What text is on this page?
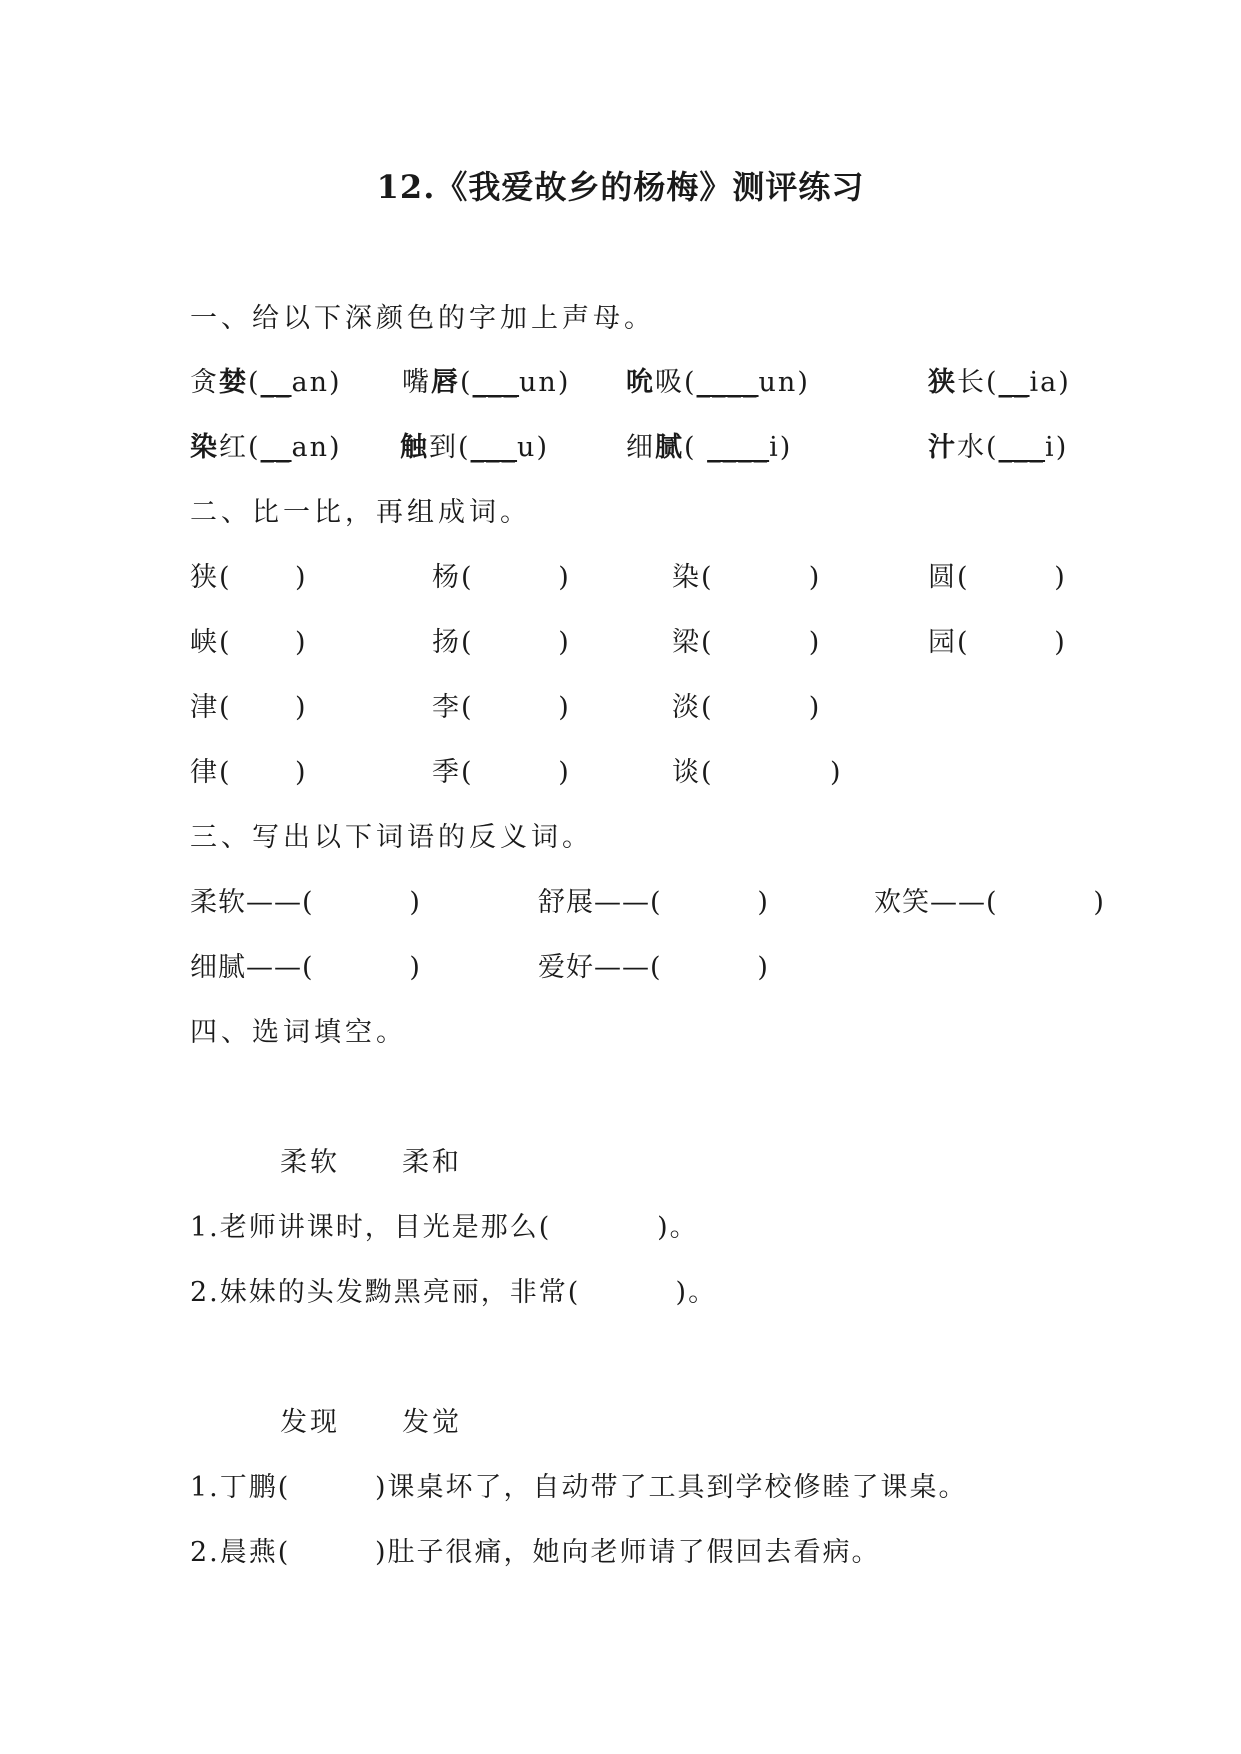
12.《我爱故乡的杨梅》测评练习
一、给以下深颜色的字加上声母。
贪婪(__an) 嘴唇(___un) 吮吸(____un)	狭长(__ia)
染红(__an) 触到(___u)	细腻( ____i)	汁水(___i)
二、比一比，再组成词。
狭(      )	杨(        )	染(         )	圆(        )
峡(      )	扬(        )	梁(         )	园(        )
津(      )	李(        )	淡(         )
律(      )	季(        )	谈(           )
三、写出以下词语的反义词。
柔软——(          )	舒展——(          )	欢笑——(          )
细腻——(          )	爱好——(          )
四、选词填空。
柔软 柔和
1.老师讲课时，目光是那么(          )。
2.妹妹的头发黝黑亮丽，非常(         )。
发现 发觉
1.丁鹏(        )课桌坏了，自动带了工具到学校修睦了课桌。
2.晨燕(        )肚子很痛，她向老师请了假回去看病。
